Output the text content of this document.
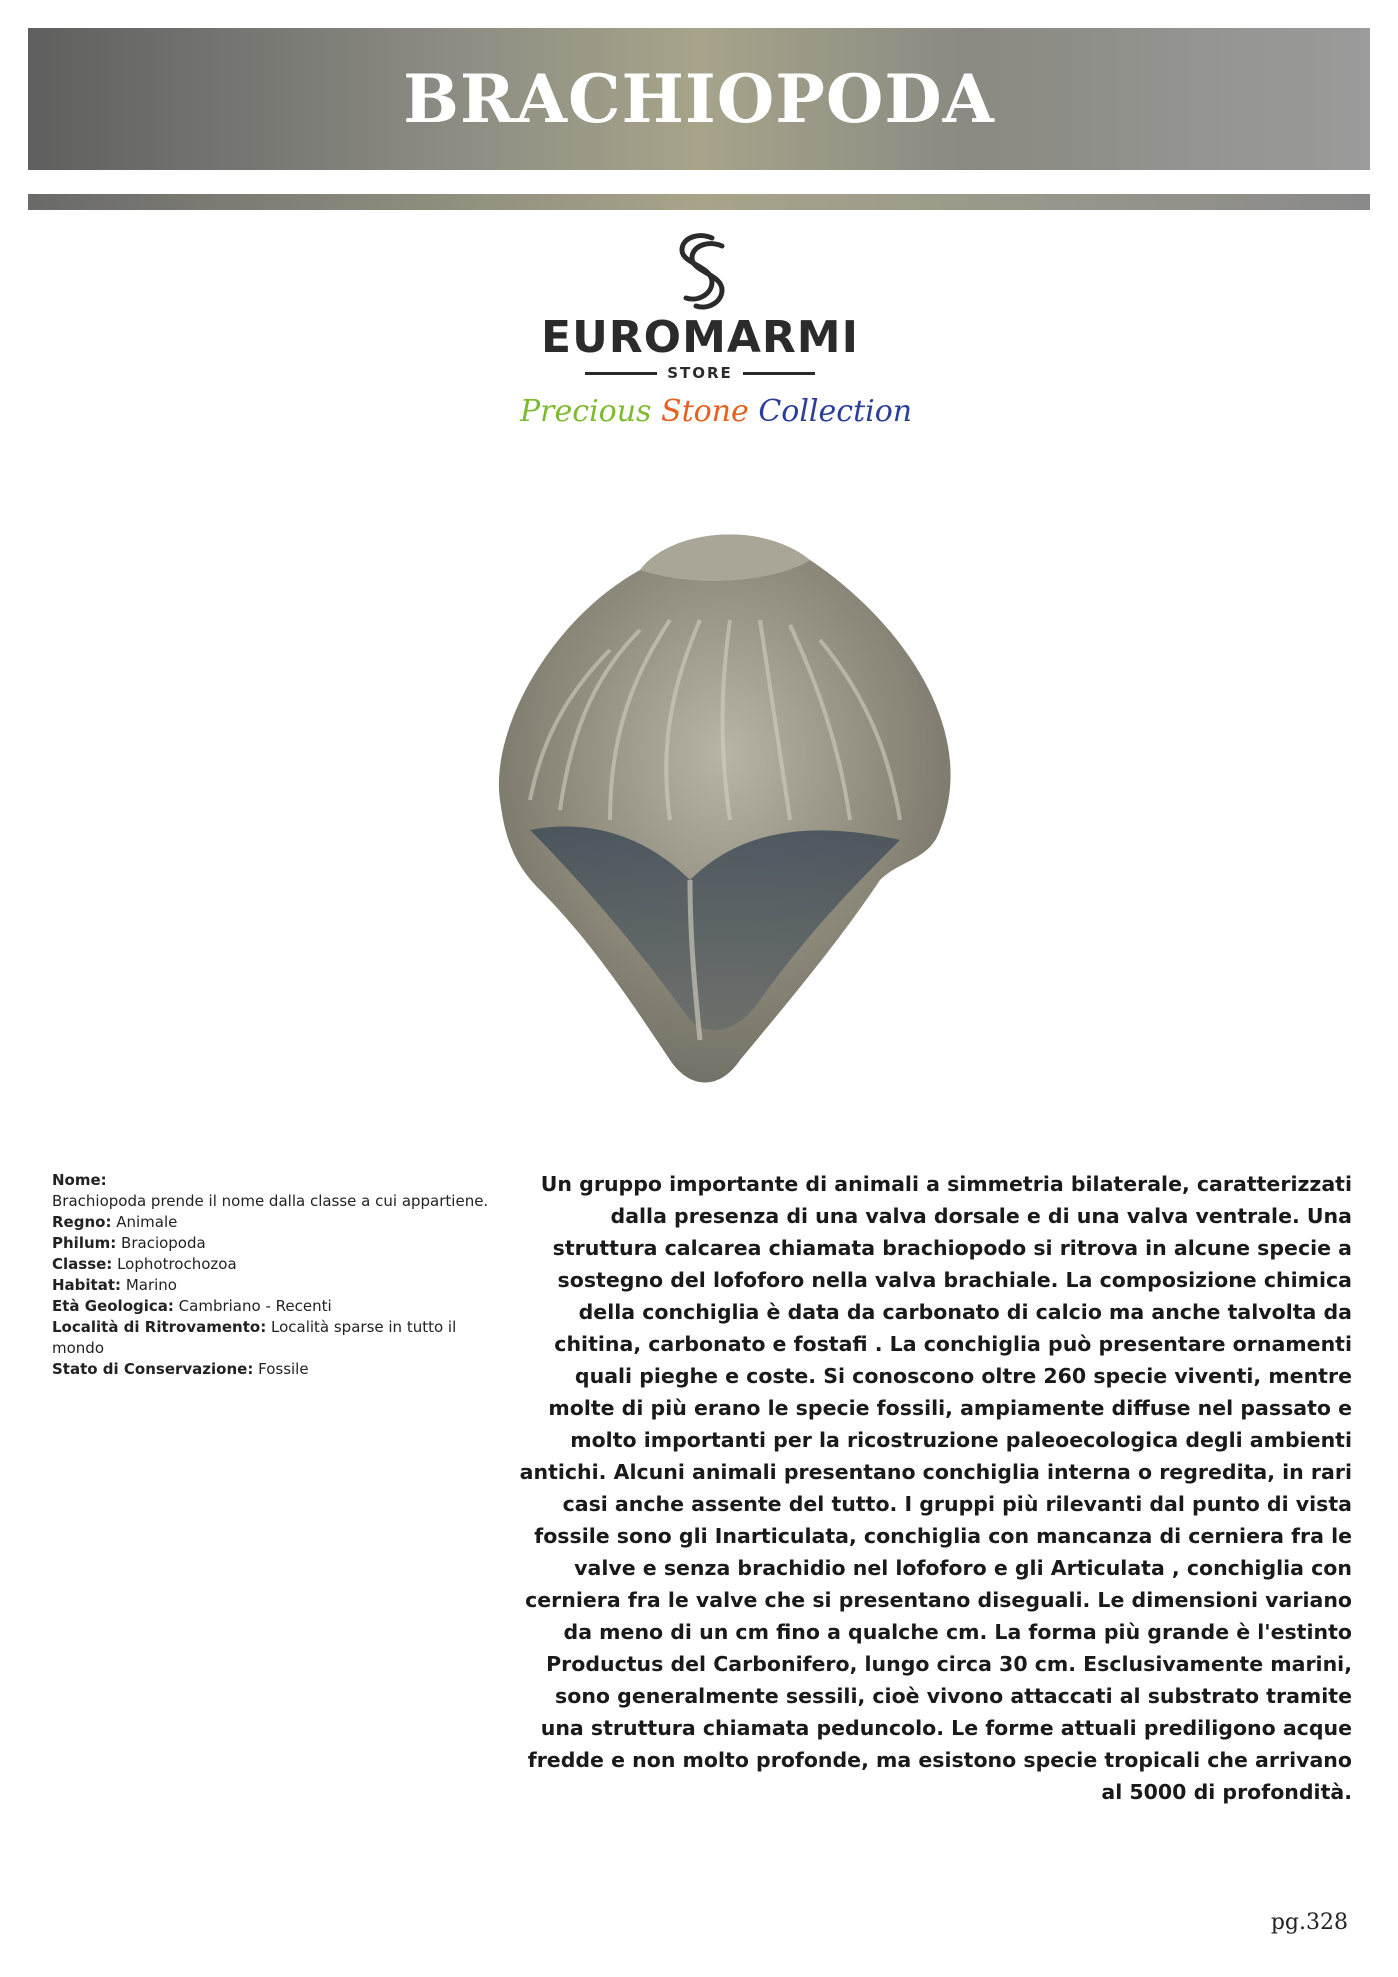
BRACHIOPODA
EUROMARMI
STORE
Precious Stone Collection

Nome:

Brachiopoda prende il nome dalla classe a cui appartiene.

Regno: Animale

Philum: Braciopoda

Classe: Lophotrochozoa

Habitat: Marino

Età Geologica: Cambriano - Recenti

Località di Ritrovamento: Località sparse in tutto il mondo

Stato di Conservazione: Fossile

Un gruppo importante di animali a simmetria bilaterale, caratterizzati dalla presenza di una valva dorsale e di una valva ventrale. Una struttura calcarea chiamata brachiopodo si ritrova in alcune specie a sostegno del lofoforo nella valva brachiale. La composizione chimica della conchiglia è data da carbonato di calcio ma anche talvolta da chitina, carbonato e fostafi . La conchiglia può presentare ornamenti quali pieghe e coste. Si conoscono oltre 260 specie viventi, mentre molte di più erano le specie fossili, ampiamente diffuse nel passato e molto importanti per la ricostruzione paleoecologica degli ambienti antichi. Alcuni animali presentano conchiglia interna o regredita, in rari casi anche assente del tutto. I gruppi più rilevanti dal punto di vista fossile sono gli Inarticulata, conchiglia con mancanza di cerniera fra le valve e senza brachidio nel lofoforo e gli Articulata , conchiglia con cerniera fra le valve che si presentano diseguali. Le dimensioni variano da meno di un cm fino a qualche cm. La forma più grande è l'estinto Productus del Carbonifero, lungo circa 30 cm. Esclusivamente marini, sono generalmente sessili, cioè vivono attaccati al substrato tramite una struttura chiamata peduncolo. Le forme attuali prediligono acque fredde e non molto profonde, ma esistono specie tropicali che arrivano al 5000 di profondità.
pg.328
